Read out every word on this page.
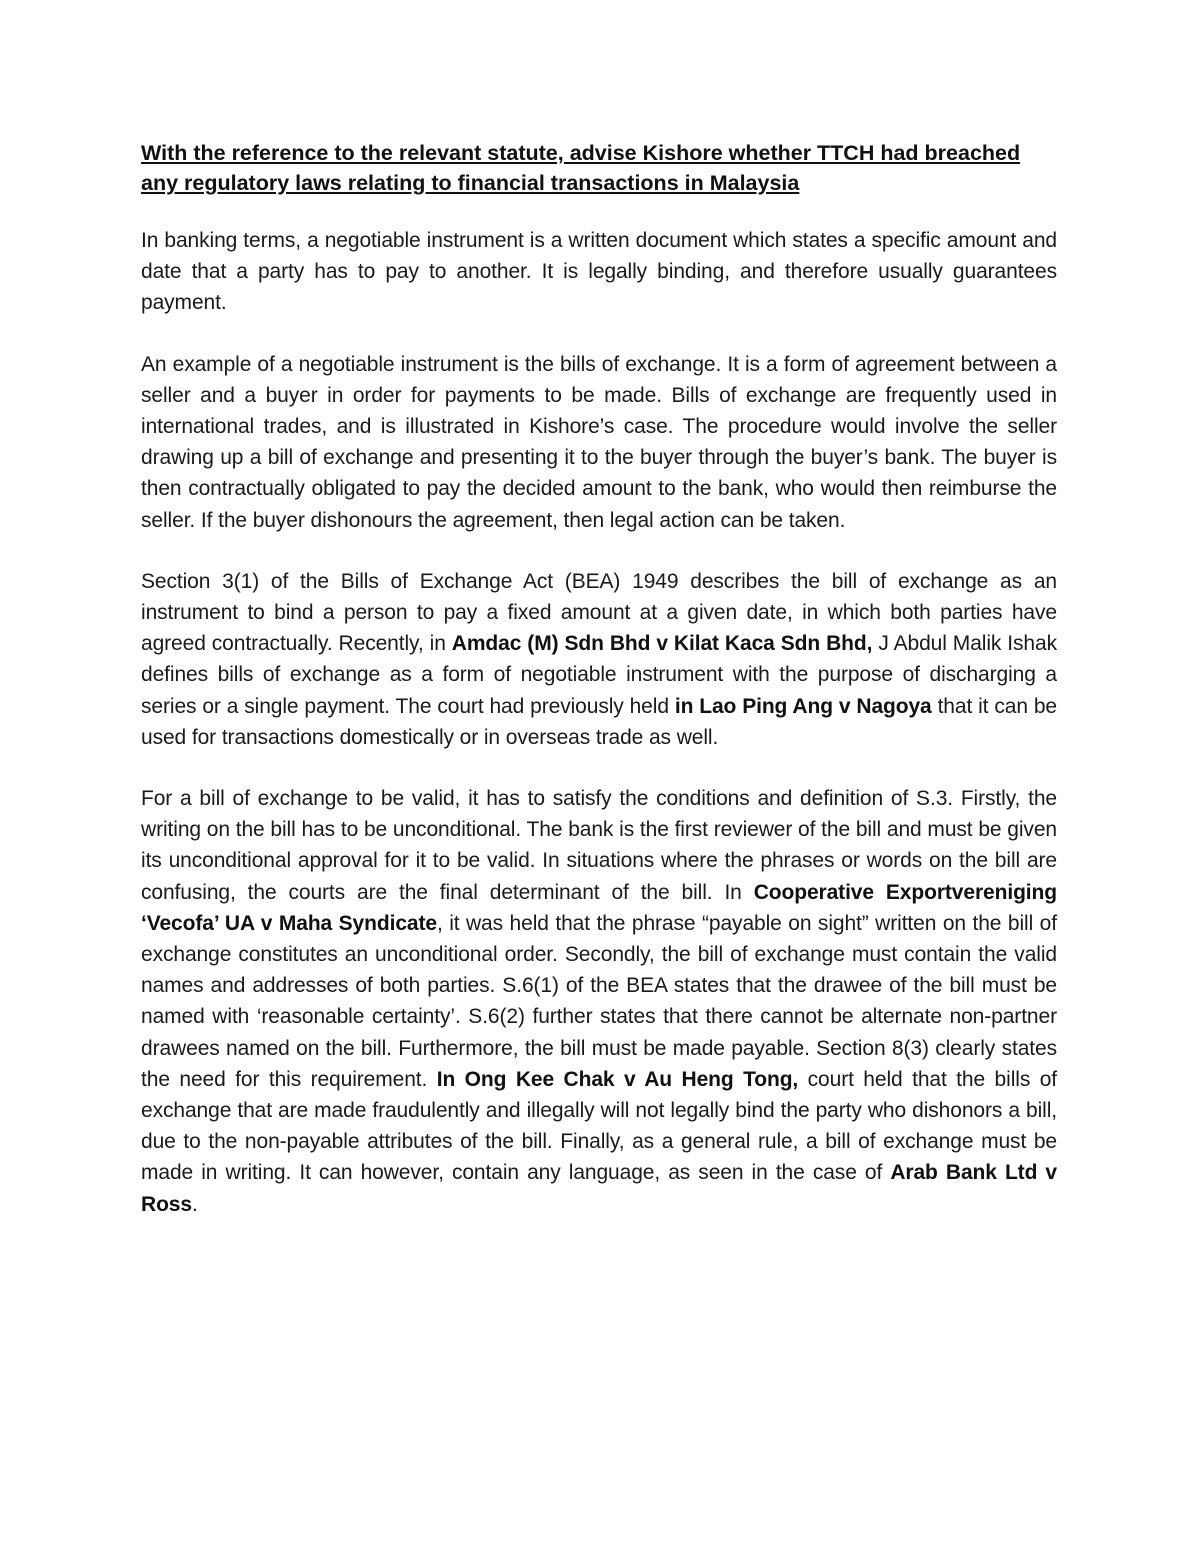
With the reference to the relevant statute, advise Kishore whether TTCH had breached any regulatory laws relating to financial transactions in Malaysia

In banking terms, a negotiable instrument is a written document which states a specific amount and date that a party has to pay to another. It is legally binding, and therefore usually guarantees payment.

An example of a negotiable instrument is the bills of exchange. It is a form of agreement between a seller and a buyer in order for payments to be made. Bills of exchange are frequently used in international trades, and is illustrated in Kishore’s case. The procedure would involve the seller drawing up a bill of exchange and presenting it to the buyer through the buyer’s bank. The buyer is then contractually obligated to pay the decided amount to the bank, who would then reimburse the seller. If the buyer dishonours the agreement, then legal action can be taken.

Section 3(1) of the Bills of Exchange Act (BEA) 1949 describes the bill of exchange as an instrument to bind a person to pay a fixed amount at a given date, in which both parties have agreed contractually. Recently, in Amdac (M) Sdn Bhd v Kilat Kaca Sdn Bhd, J Abdul Malik Ishak defines bills of exchange as a form of negotiable instrument with the purpose of discharging a series or a single payment. The court had previously held in Lao Ping Ang v Nagoya that it can be used for transactions domestically or in overseas trade as well.

For a bill of exchange to be valid, it has to satisfy the conditions and definition of S.3. Firstly, the writing on the bill has to be unconditional. The bank is the first reviewer of the bill and must be given its unconditional approval for it to be valid. In situations where the phrases or words on the bill are confusing, the courts are the final determinant of the bill. In Cooperative Exportvereniging ‘Vecofa’ UA v Maha Syndicate, it was held that the phrase “payable on sight” written on the bill of exchange constitutes an unconditional order. Secondly, the bill of exchange must contain the valid names and addresses of both parties. S.6(1) of the BEA states that the drawee of the bill must be named with ‘reasonable certainty’. S.6(2) further states that there cannot be alternate non-partner drawees named on the bill. Furthermore, the bill must be made payable. Section 8(3) clearly states the need for this requirement. In Ong Kee Chak v Au Heng Tong, court held that the bills of exchange that are made fraudulently and illegally will not legally bind the party who dishonors a bill, due to the non-payable attributes of the bill. Finally, as a general rule, a bill of exchange must be made in writing. It can however, contain any language, as seen in the case of Arab Bank Ltd v Ross.
